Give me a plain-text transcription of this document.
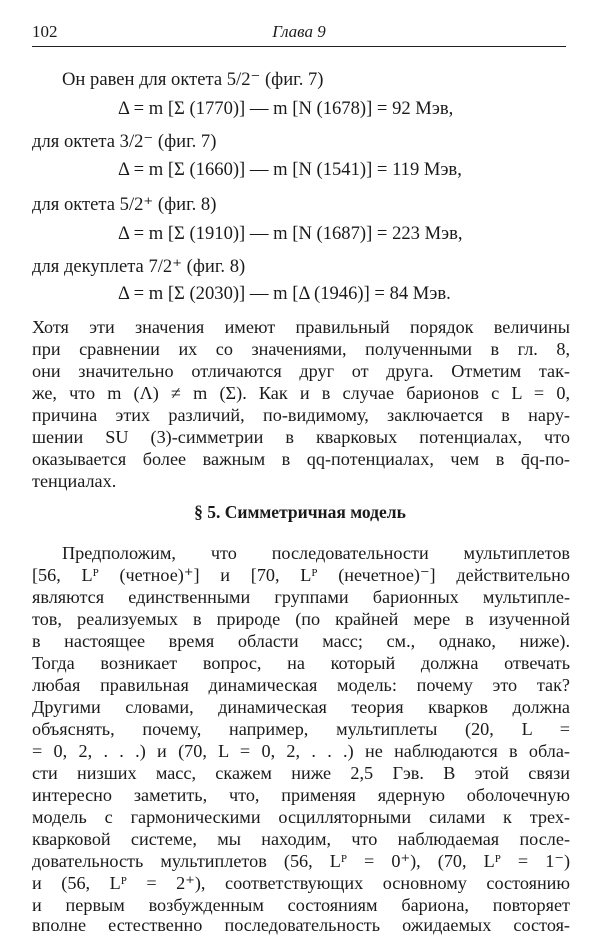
102	Глава 9
Он равен для октета 5/2⁻ (фиг. 7)
Δ = m [Σ (1770)] — m [N (1678)] = 92 Мэв,
для октета 3/2⁻ (фиг. 7)
Δ = m [Σ (1660)] — m [N (1541)] = 119 Мэв,
для октета 5/2⁺ (фиг. 8)
Δ = m [Σ (1910)] — m [N (1687)] = 223 Мэв,
для декуплета 7/2⁺ (фиг. 8)
Δ = m [Σ (2030)] — m [Δ (1946)] = 84 Мэв.
Хотя эти значения имеют правильный порядок величины
при сравнении их со значениями, полученными в гл. 8,
они значительно отличаются друг от друга. Отметим так-
же, что m (Λ) ≠ m (Σ). Как и в случае барионов с L = 0,
причина этих различий, по-видимому, заключается в нару-
шении SU (3)-симметрии в кварковых потенциалах, что
оказывается более важным в qq-потенциалах, чем в q̄q-по-
тенциалах.
§ 5. Симметричная модель
Предположим, что последовательности мультиплетов
[56, Lᴾ (четное)⁺] и [70, Lᴾ (нечетное)⁻] действительно
являются единственными группами барионных мультипле-
тов, реализуемых в природе (по крайней мере в изученной
в настоящее время области масс; см., однако, ниже).
Тогда возникает вопрос, на который должна отвечать
любая правильная динамическая модель: почему это так?
Другими словами, динамическая теория кварков должна
объяснять, почему, например, мультиплеты (20, L =
= 0, 2, . . .) и (70, L = 0, 2, . . .) не наблюдаются в обла-
сти низших масс, скажем ниже 2,5 Гэв. В этой связи
интересно заметить, что, применяя ядерную оболочечную
модель с гармоническими осцилляторными силами к трех-
кварковой системе, мы находим, что наблюдаемая после-
довательность мультиплетов (56, Lᴾ = 0⁺), (70, Lᴾ = 1⁻)
и (56, Lᴾ = 2⁺), соответствующих основному состоянию
и первым возбужденным состояниям бариона, повторяет
вполне естественно последовательность ожидаемых состоя-
